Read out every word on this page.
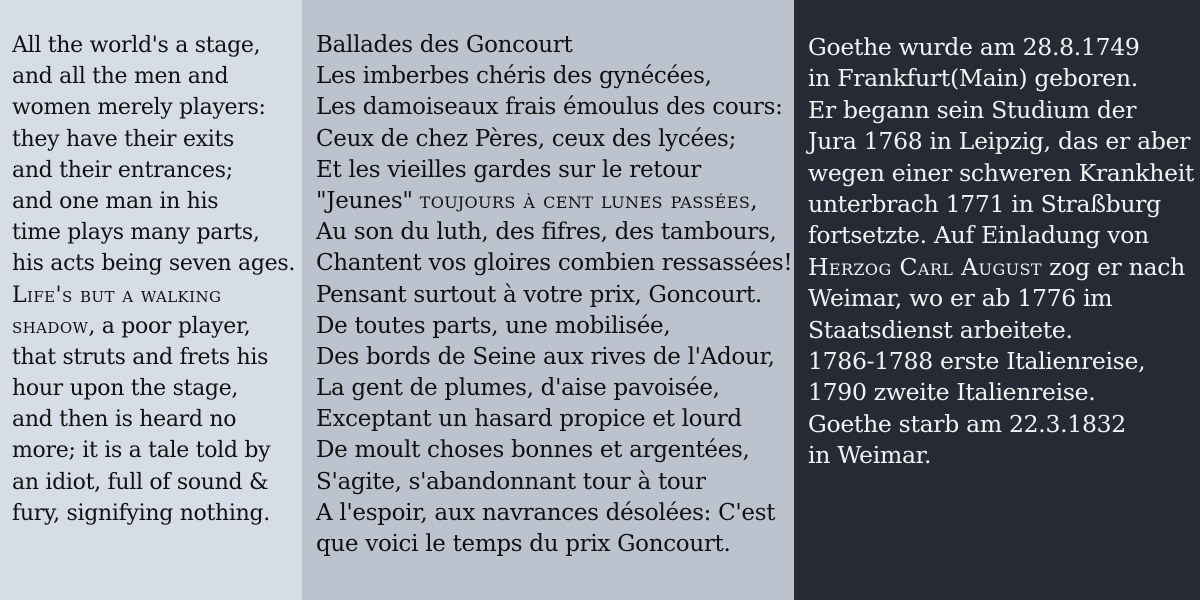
All the world's a stage,
and all the men and
women merely players:
they have their exits
and their entrances;
and one man in his
time plays many parts,
his acts being seven ages.
Life's but a walking
shadow, a poor player,
that struts and frets his
hour upon the stage,
and then is heard no
more; it is a tale told by
an idiot, full of sound &
fury, signifying nothing.
Ballades des Goncourt
Les imberbes chéris des gynécées,
Les damoiseaux frais émoulus des cours:
Ceux de chez Pères, ceux des lycées;
Et les vieilles gardes sur le retour
"Jeunes" toujours à cent lunes passées,
Au son du luth, des fifres, des tambours,
Chantent vos gloires combien ressassées!
Pensant surtout à votre prix, Goncourt.
De toutes parts, une mobilisée,
Des bords de Seine aux rives de l'Adour,
La gent de plumes, d'aise pavoisée,
Exceptant un hasard propice et lourd
De moult choses bonnes et argentées,
S'agite, s'abandonnant tour à tour
A l'espoir, aux navrances désolées: C'est
que voici le temps du prix Goncourt.
Goethe wurde am 28.8.1749
in Frankfurt(Main) geboren.
Er begann sein Studium der
Jura 1768 in Leipzig, das er aber
wegen einer schweren Krankheit
unterbrach 1771 in Straßburg
fortsetzte. Auf Einladung von
Herzog Carl August zog er nach
Weimar, wo er ab 1776 im
Staatsdienst arbeitete.
1786-1788 erste Italienreise,
1790 zweite Italienreise.
Goethe starb am 22.3.1832
in Weimar.
